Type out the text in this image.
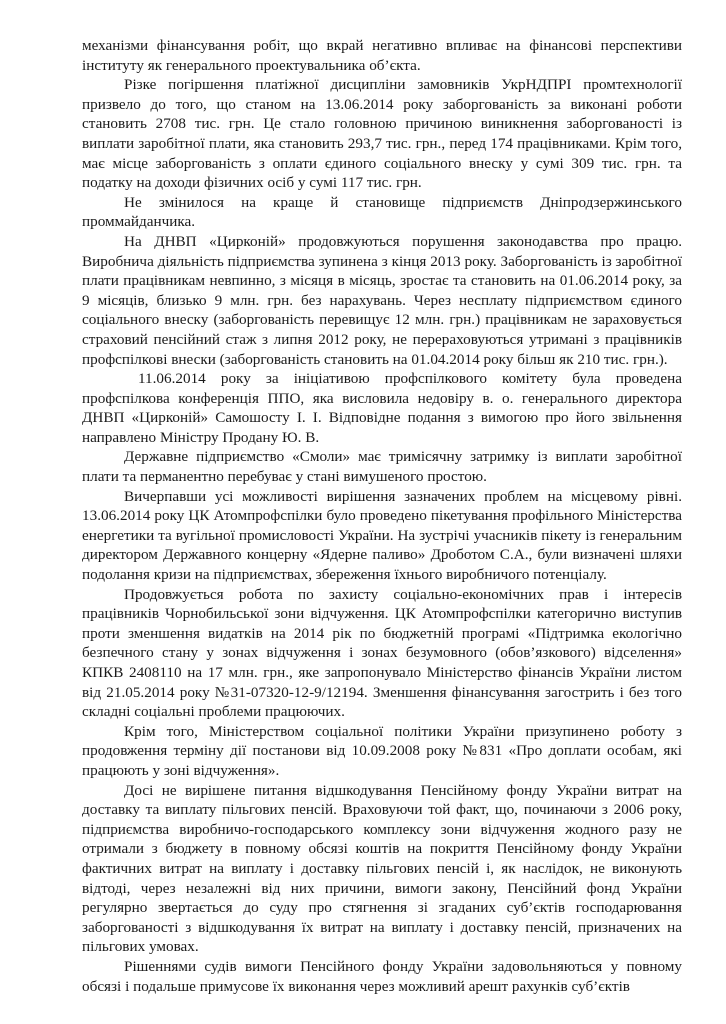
механізми фінансування робіт, що вкрай негативно впливає на фінансові перспективи інституту як генерального проектувальника об’єкта.

Різке погіршення платіжної дисципліни замовників УкрНДПРІ промтехнології призвело до того, що станом на 13.06.2014 року заборгованість за виконані роботи становить 2708 тис. грн. Це стало головною причиною виникнення заборгованості із виплати заробітної плати, яка становить 293,7 тис. грн., перед 174 працівниками. Крім того, має місце заборгованість з оплати єдиного соціального внеску у сумі 309 тис. грн. та податку на доходи фізичних осіб у сумі 117 тис. грн.

Не змінилося на краще й становище підприємств Дніпродзержинського проммайданчика.

На ДНВП «Цирконій» продовжуються порушення законодавства про працю. Виробнича діяльність підприємства зупинена з кінця 2013 року. Заборгованість із заробітної плати працівникам невпинно, з місяця в місяць, зростає та становить на 01.06.2014 року, за 9 місяців, близько 9 млн. грн. без нарахувань. Через несплату підприємством єдиного соціального внеску (заборгованість перевищує 12 млн. грн.) працівникам не зараховується страховий пенсійний стаж з липня 2012 року, не перераховуються утримані з працівників профспілкові внески (заборгованість становить на 01.04.2014 року більш як 210 тис. грн.).

11.06.2014 року за ініціативою профспілкового комітету була проведена профспілкова конференція ППО, яка висловила недовіру в. о. генерального директора ДНВП «Цирконій» Самошосту І. І. Відповідне подання з вимогою про його звільнення направлено Міністру Продану Ю. В.

Державне підприємство «Смоли» має тримісячну затримку із виплати заробітної плати та перманентно перебуває у стані вимушеного простою.

Вичерпавши усі можливості вирішення зазначених проблем на місцевому рівні. 13.06.2014 року ЦК Атомпрофспілки було проведено пікетування профільного Міністерства енергетики та вугільної промисловості України. На зустрічі учасників пікету із генеральним директором Державного концерну «Ядерне паливо» Дроботом С.А., були визначені шляхи подолання кризи на підприємствах, збереження їхнього виробничого потенціалу.

Продовжується робота по захисту соціально-економічних прав і інтересів працівників Чорнобильської зони відчуження. ЦК Атомпрофспілки категорично виступив проти зменшення видатків на 2014 рік по бюджетній програмі «Підтримка екологічно безпечного стану у зонах відчуження і зонах безумовного (обов’язкового) відселення» КПКВ 2408110 на 17 млн. грн., яке запропонувало Міністерство фінансів України листом від 21.05.2014 року №31-07320-12-9/12194. Зменшення фінансування загострить і без того складні соціальні проблеми працюючих.

Крім того, Міністерством соціальної політики України призупинено роботу з продовження терміну дії постанови від 10.09.2008 року №831 «Про доплати особам, які працюють у зоні відчуження».

Досі не вирішене питання відшкодування Пенсійному фонду України витрат на доставку та виплату пільгових пенсій. Враховуючи той факт, що, починаючи з 2006 року, підприємства виробничо-господарського комплексу зони відчуження жодного разу не отримали з бюджету в повному обсязі коштів на покриття Пенсійному фонду України фактичних витрат на виплату і доставку пільгових пенсій і, як наслідок, не виконують відтоді, через незалежні від них причини, вимоги закону, Пенсійний фонд України регулярно звертається до суду про стягнення зі згаданих суб’єктів господарювання заборгованості з відшкодування їх витрат на виплату і доставку пенсій, призначених на пільгових умовах.

Рішеннями судів вимоги Пенсійного фонду України задовольняються у повному обсязі і подальше примусове їх виконання через можливий арешт рахунків суб’єктів
